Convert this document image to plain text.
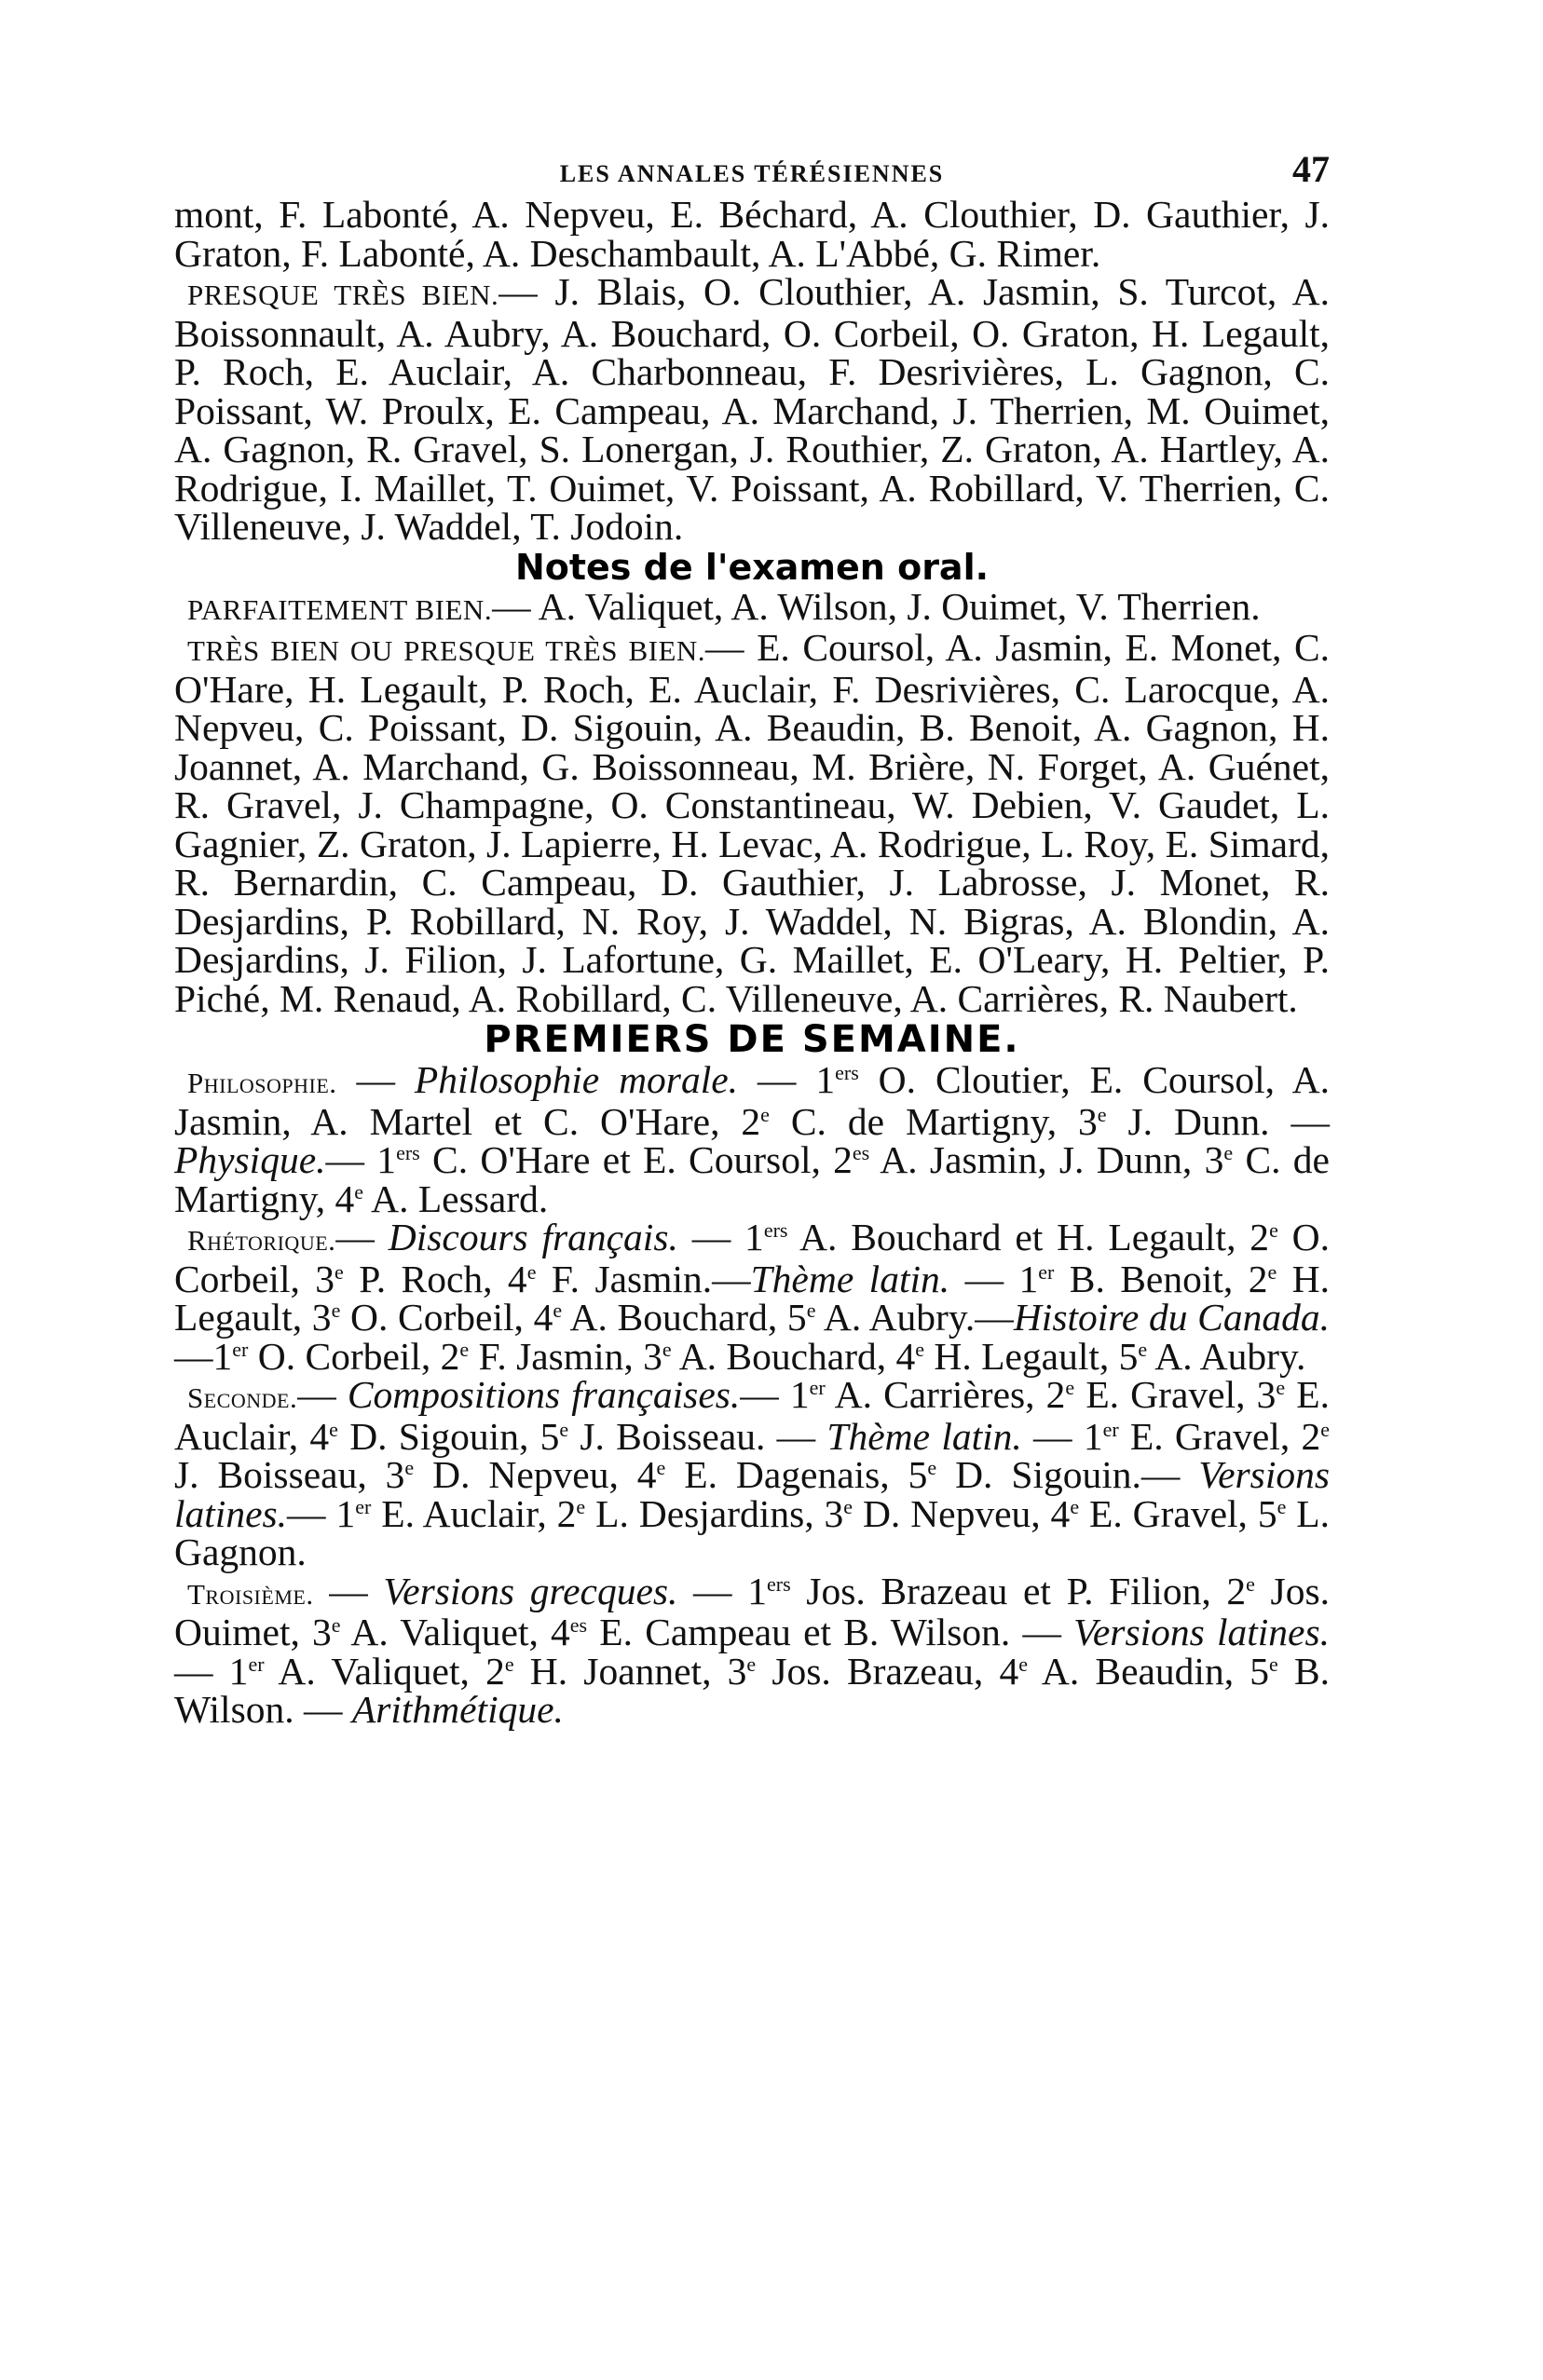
LES ANNALES TÉRÉSIENNES	47

mont, F. Labonté, A. Nepveu, E. Béchard, A. Clouthier, D. Gauthier, J. Graton, F. Labonté, A. Deschambault, A. L'Abbé, G. Rimer.

PRESQUE TRÈS BIEN.— J. Blais, O. Clouthier, A. Jasmin, S. Turcot, A. Boissonnault, A. Aubry, A. Bouchard, O. Corbeil, O. Graton, H. Legault, P. Roch, E. Auclair, A. Charbonneau, F. Desrivières, L. Gagnon, C. Poissant, W. Proulx, E. Campeau, A. Marchand, J. Therrien, M. Ouimet, A. Gagnon, R. Gravel, S. Lonergan, J. Routhier, Z. Graton, A. Hartley, A. Rodrigue, I. Maillet, T. Ouimet, V. Poissant, A. Robillard, V. Therrien, C. Villeneuve, J. Waddel, T. Jodoin.

Notes de l'examen oral.

PARFAITEMENT BIEN.— A. Valiquet, A. Wilson, J. Ouimet, V. Therrien.

TRÈS BIEN OU PRESQUE TRÈS BIEN.— E. Coursol, A. Jasmin, E. Monet, C. O'Hare, H. Legault, P. Roch, E. Auclair, F. Desrivières, C. Larocque, A. Nepveu, C. Poissant, D. Sigouin, A. Beaudin, B. Benoit, A. Gagnon, H. Joannet, A. Marchand, G. Boissonneau, M. Brière, N. Forget, A. Guénet, R. Gravel, J. Champagne, O. Constantineau, W. Debien, V. Gaudet, L. Gagnier, Z. Graton, J. Lapierre, H. Levac, A. Rodrigue, L. Roy, E. Simard, R. Bernardin, C. Campeau, D. Gauthier, J. Labrosse, J. Monet, R. Desjardins, P. Robillard, N. Roy, J. Waddel, N. Bigras, A. Blondin, A. Desjardins, J. Filion, J. Lafortune, G. Maillet, E. O'Leary, H. Peltier, P. Piché, M. Renaud, A. Robillard, C. Villeneuve, A. Carrières, R. Naubert.

PREMIERS DE SEMAINE.

Philosophie. — Philosophie morale. — 1ers O. Cloutier, E. Coursol, A. Jasmin, A. Martel et C. O'Hare, 2e C. de Martigny, 3e J. Dunn. — Physique.— 1ers C. O'Hare et E. Coursol, $2^{es}$ A. Jasmin, J. Dunn, 3e C. de Martigny, 4e A. Lessard.

Rhétorique.— Discours français. — 1ers A. Bouchard et H. Legault, 2e O. Corbeil, 3e P. Roch, 4e F. Jasmin.—Thème latin. — 1er B. Benoit, 2e H. Legault, 3e O. Corbeil, 4e A. Bouchard, 5e A. Aubry.—Histoire du Canada.—1er O. Corbeil, 2e F. Jasmin, 3e A. Bouchard, 4e H. Legault, 5e A. Aubry.

Seconde.— Compositions françaises.— 1er A. Carrières, 2e E. Gravel, 3e E. Auclair, 4e D. Sigouin, 5e J. Boisseau. — Thème latin. — 1er E. Gravel, 2e J. Boisseau, 3e D. Nepveu, 4e E. Dagenais, 5e D. Sigouin.— Versions latines.— 1er E. Auclair, 2e L. Desjardins, 3e D. Nepveu, 4e E. Gravel, 5e L. Gagnon.

Troisième. — Versions grecques. — 1ers Jos. Brazeau et P. Filion, 2e Jos. Ouimet, 3e A. Valiquet, $4^{es}$ E. Campeau et B. Wilson. — Versions latines. — 1er A. Valiquet, 2e H. Joannet, 3e Jos. Brazeau, 4e A. Beaudin, 5e B. Wilson. — Arithmétique.
